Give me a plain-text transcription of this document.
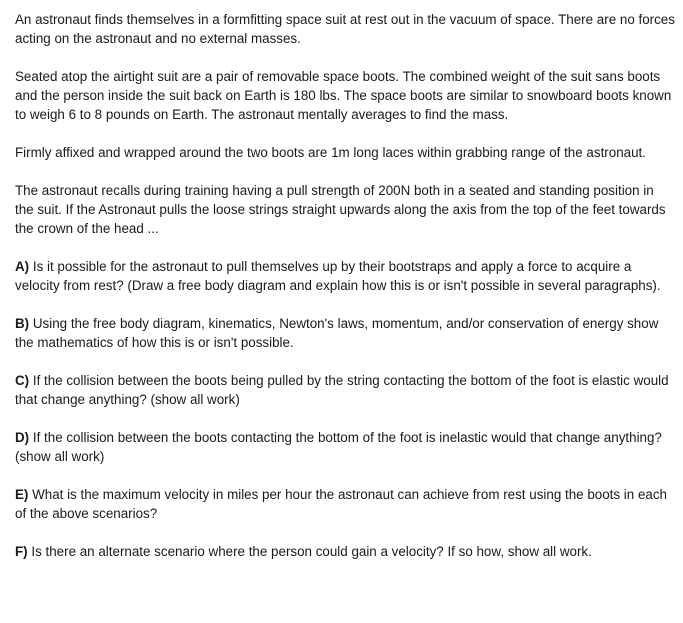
An astronaut finds themselves in a formfitting space suit at rest out in the vacuum of space. There are no forces acting on the astronaut and no external masses.

Seated atop the airtight suit are a pair of removable space boots. The combined weight of the suit sans boots and the person inside the suit back on Earth is 180 lbs. The space boots are similar to snowboard boots known to weigh 6 to 8 pounds on Earth. The astronaut mentally averages to find the mass.

Firmly affixed and wrapped around the two boots are 1m long laces within grabbing range of the astronaut.

The astronaut recalls during training having a pull strength of 200N both in a seated and standing position in the suit. If the Astronaut pulls the loose strings straight upwards along the axis from the top of the feet towards the crown of the head ...

A) Is it possible for the astronaut to pull themselves up by their bootstraps and apply a force to acquire a velocity from rest? (Draw a free body diagram and explain how this is or isn't possible in several paragraphs).

B) Using the free body diagram, kinematics, Newton's laws, momentum, and/or conservation of energy show the mathematics of how this is or isn't possible.

C) If the collision between the boots being pulled by the string contacting the bottom of the foot is elastic would that change anything? (show all work)

D) If the collision between the boots contacting the bottom of the foot is inelastic would that change anything? (show all work)

E) What is the maximum velocity in miles per hour the astronaut can achieve from rest using the boots in each of the above scenarios?

F) Is there an alternate scenario where the person could gain a velocity? If so how, show all work.
